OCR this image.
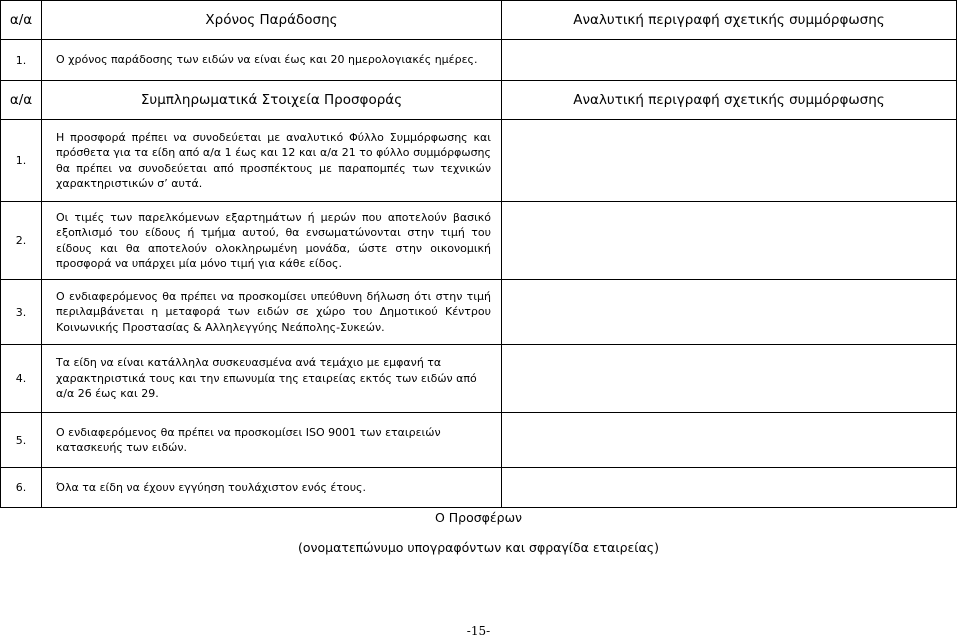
α/α	Χρόνος Παράδοσης	Αναλυτική περιγραφή σχετικής συμμόρφωσης
1.	Ο χρόνος παράδοσης των ειδών να είναι έως και 20 ημερολογιακές ημέρες.	
α/α	Συμπληρωματικά Στοιχεία Προσφοράς	Αναλυτική περιγραφή σχετικής συμμόρφωσης
1.	Η προσφορά πρέπει να συνοδεύεται με αναλυτικό Φύλλο Συμμόρφωσης και πρόσθετα για τα είδη από α/α 1 έως και 12 και α/α 21 το φύλλο συμμόρφωσης θα πρέπει να συνοδεύεται από προσπέκτους με παραπομπές των τεχνικών χαρακτηριστικών σ’ αυτά.	
2.	Οι τιμές των παρελκόμενων εξαρτημάτων ή μερών που αποτελούν βασικό εξοπλισμό του είδους ή τμήμα αυτού, θα ενσωματώνονται στην τιμή του είδους και θα αποτελούν ολοκληρωμένη μονάδα, ώστε στην οικονομική προσφορά να υπάρχει μία μόνο τιμή για κάθε είδος.	
3.	Ο ενδιαφερόμενος θα πρέπει να προσκομίσει υπεύθυνη δήλωση ότι στην τιμή περιλαμβάνεται η μεταφορά των ειδών σε χώρο του Δημοτικού Κέντρου Κοινωνικής Προστασίας & Αλληλεγγύης Νεάπολης-Συκεών.	
4.	Τα είδη να είναι κατάλληλα συσκευασμένα ανά τεμάχιο με εμφανή τα χαρακτηριστικά τους και την επωνυμία της εταιρείας εκτός των ειδών από α/α 26 έως και 29.	
5.	Ο ενδιαφερόμενος θα πρέπει να προσκομίσει ISO 9001 των εταιρειών κατασκευής των ειδών.	
6.	Όλα τα είδη να έχουν εγγύηση τουλάχιστον ενός έτους.	
Ο Προσφέρων
(ονοματεπώνυμο υπογραφόντων και σφραγίδα εταιρείας)
-15-
